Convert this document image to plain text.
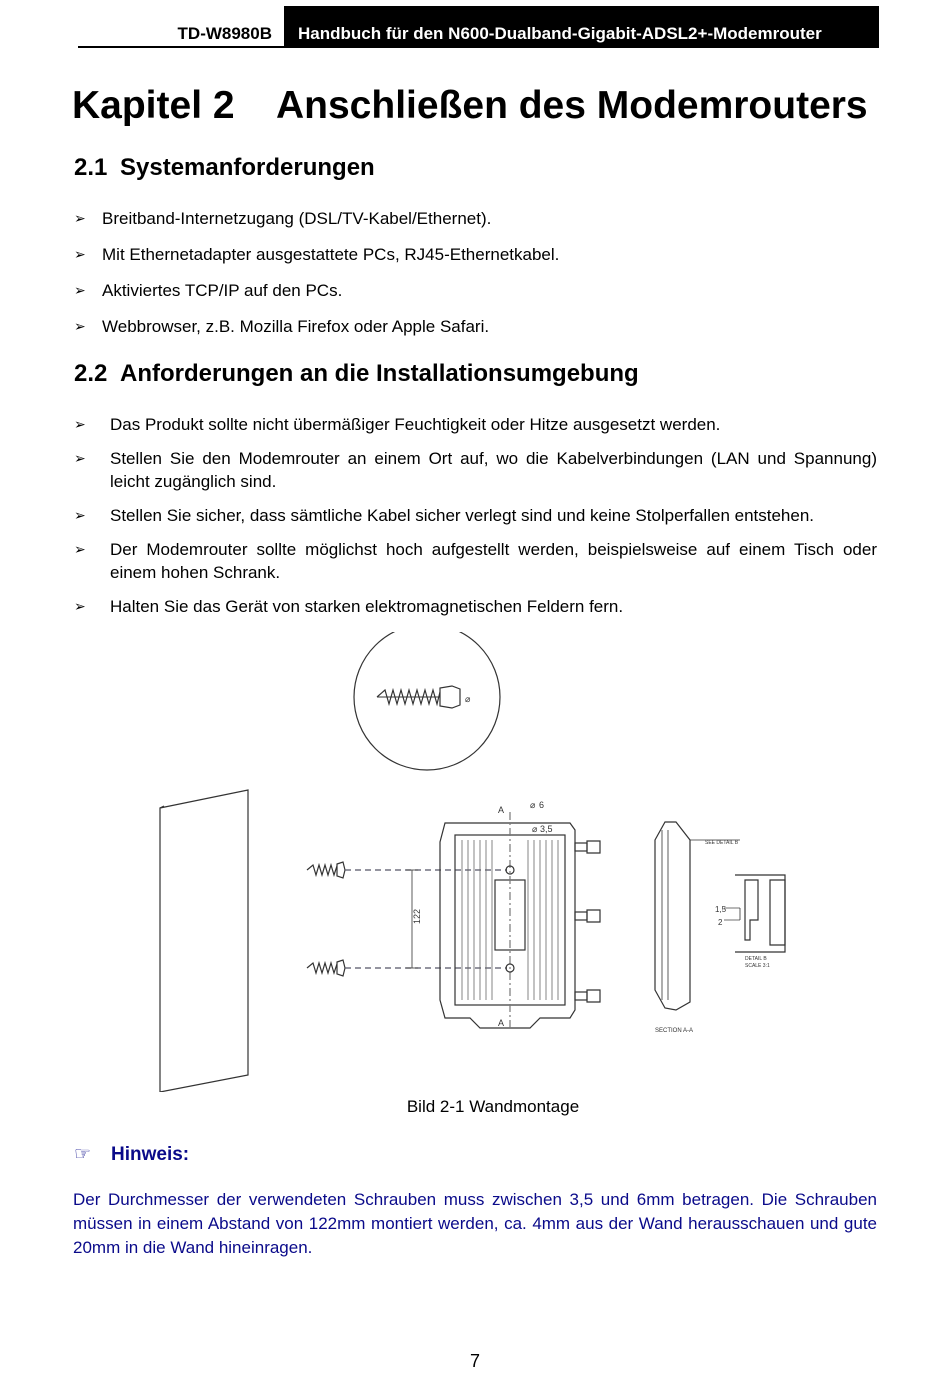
TD-W8980B	Handbuch für den N600-Dualband-Gigabit-ADSL2+-Modemrouter
Kapitel 2 Anschließen des Modemrouters
2.1 Systemanforderungen
➢ Breitband-Internetzugang (DSL/TV-Kabel/Ethernet).
➢ Mit Ethernetadapter ausgestattete PCs, RJ45-Ethernetkabel.
➢ Aktiviertes TCP/IP auf den PCs.
➢ Webbrowser, z.B. Mozilla Firefox oder Apple Safari.
2.2 Anforderungen an die Installationsumgebung
➢ Das Produkt sollte nicht übermäßiger Feuchtigkeit oder Hitze ausgesetzt werden.
➢ Stellen Sie den Modemrouter an einem Ort auf, wo die Kabelverbindungen (LAN und Spannung) leicht zugänglich sind.
➢ Stellen Sie sicher, dass sämtliche Kabel sicher verlegt sind und keine Stolperfallen entstehen.
➢ Der Modemrouter sollte möglichst hoch aufgestellt werden, beispielsweise auf einem Tisch oder einem hohen Schrank.
➢ Halten Sie das Gerät von starken elektromagnetischen Feldern fern.
⌀
A
A
⌀ 6
⌀ 3,5
122
SECTION A-A
SEE DETAIL B
DETAIL B
SCALE 3:1
1,5
2
Bild 2-1 Wandmontage
☞ Hinweis:

Der Durchmesser der verwendeten Schrauben muss zwischen 3,5 und 6mm betragen. Die Schrauben müssen in einem Abstand von 122mm montiert werden, ca. 4mm aus der Wand herausschauen und gute 20mm in die Wand hineinragen.

7
